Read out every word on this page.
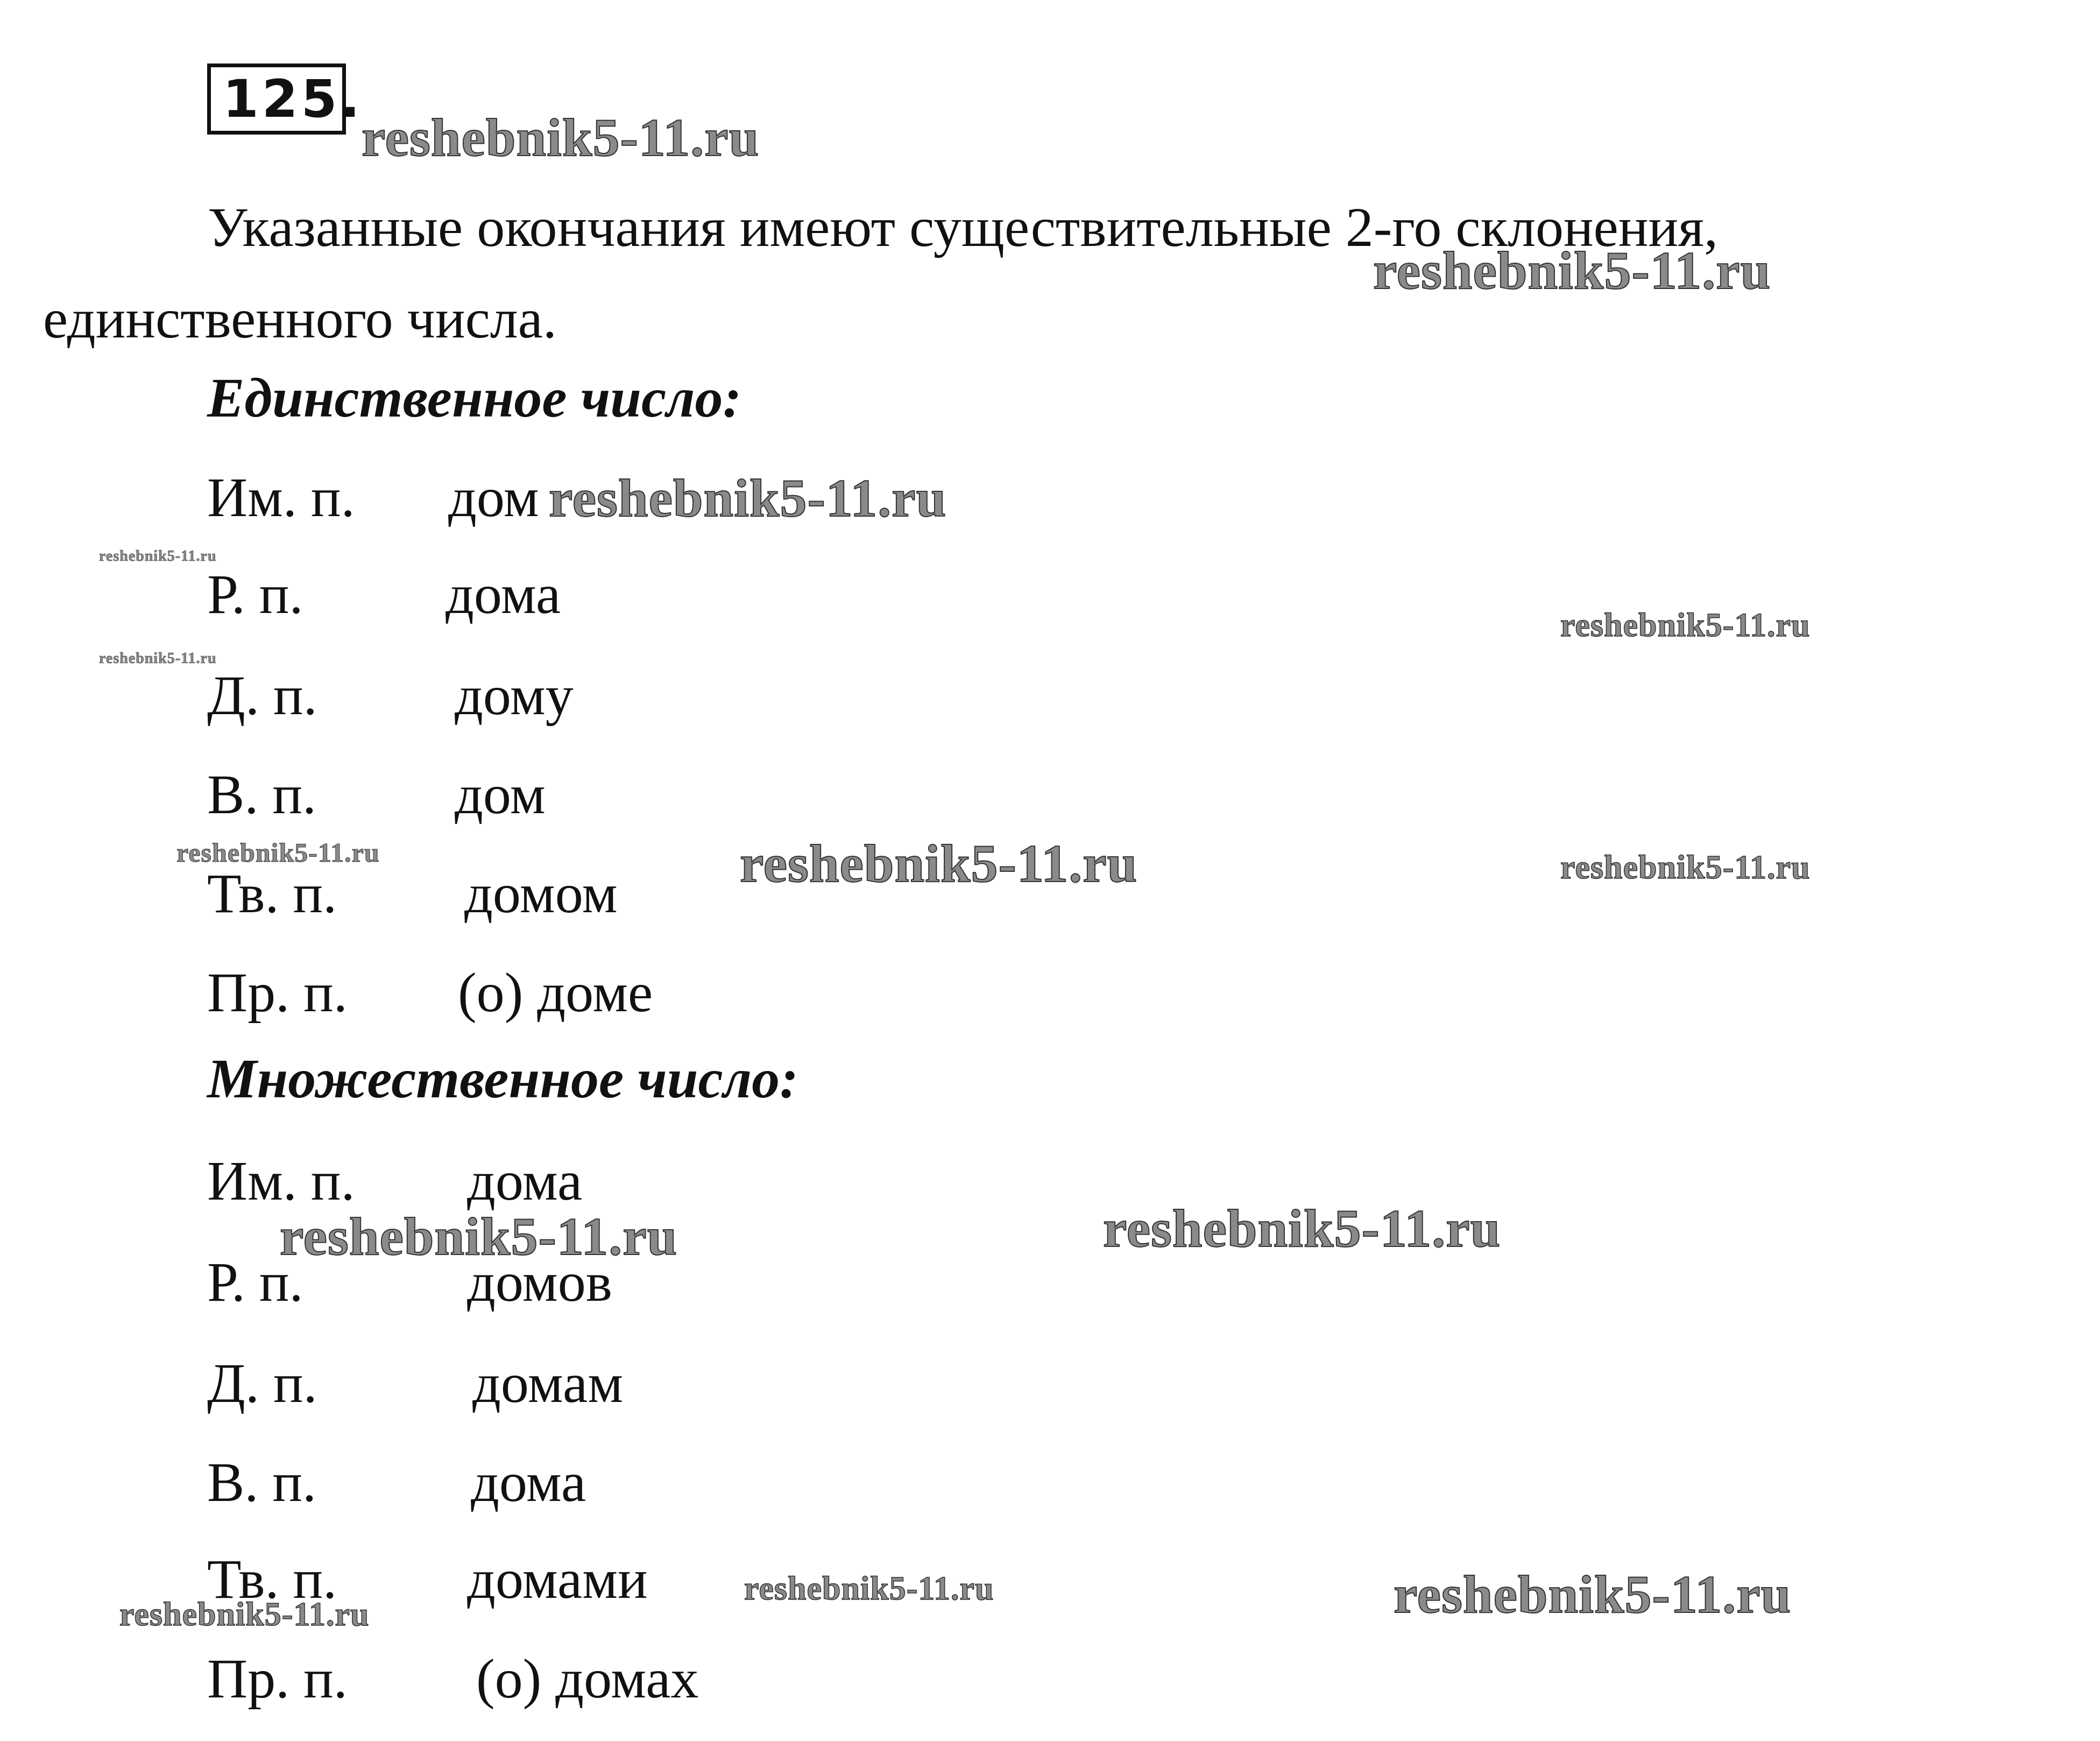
125.
Указанные окончания имеют существительные 2-го склонения, единственного числа.
Единственное число:
Им. п. дом
Р. п.	дома
Д. п. дому
В. п. дом
Тв. п. домом
Пр. п. (о) доме
Множественное число:
Им. п. дома
Р. п.	домов
Д. п.	домам
В. п.	дома
Тв. п. домами
Пр. п. (о) домах
reshebnik5-11.ru
reshebnik5-11.ru
reshebnik5-11.ru
reshebnik5-11.ru
reshebnik5-11.ru
reshebnik5-11.ru
reshebnik5-11.ru	reshebnik5-11.ru	reshebnik5-11.ru
reshebnik5-11.ru	reshebnik5-11.ru
reshebnik5-11.ru	reshebnik5-11.ru
reshebnik5-11.ru
